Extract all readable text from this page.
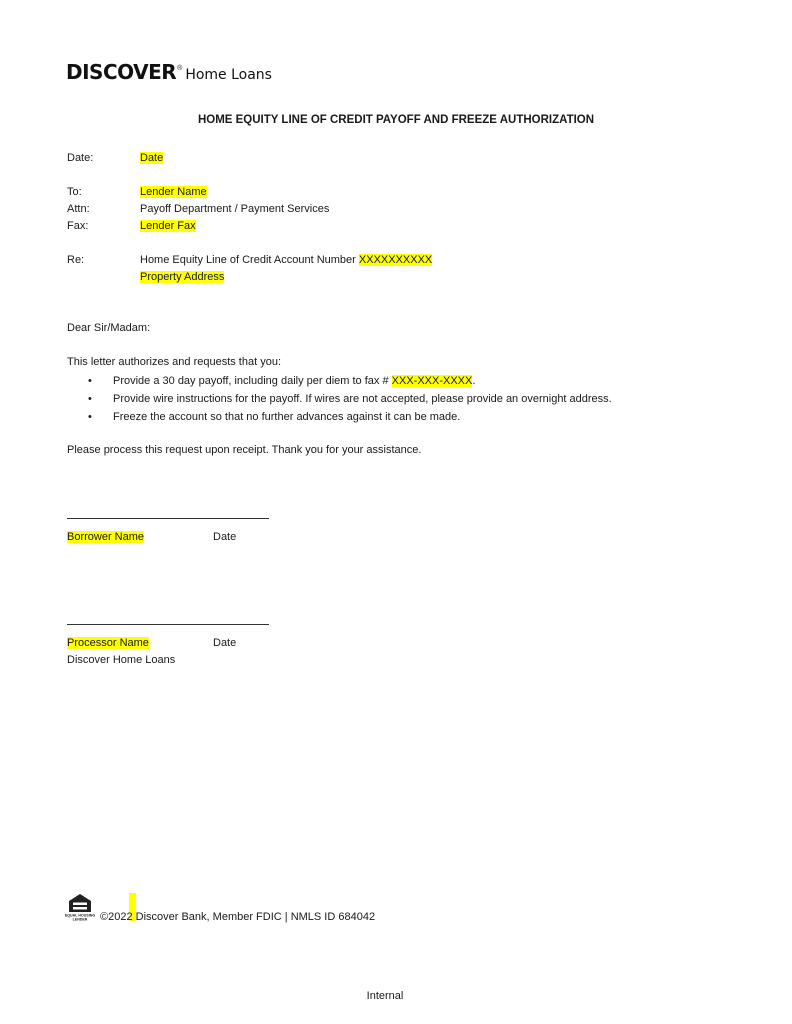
DISCOVER ® Home Loans
HOME EQUITY LINE OF CREDIT PAYOFF AND FREEZE AUTHORIZATION
Date:	Date
To:	Lender Name
Attn:	Payoff Department / Payment Services
Fax:	Lender Fax
Re:	Home Equity Line of Credit Account Number XXXXXXXXXX
Property Address
Dear Sir/Madam:
This letter authorizes and requests that you:
• Provide a 30 day payoff, including daily per diem to fax # XXX-XXX-XXXX.
• Provide wire instructions for the payoff. If wires are not accepted, please provide an overnight address.
• Freeze the account so that no further advances against it can be made.
Please process this request upon receipt. Thank you for your assistance.
Borrower Name	Date
Processor Name	Date
Discover Home Loans
EQUAL HOUSING
LENDER ©2022 Discover Bank, Member FDIC | NMLS ID 684042
Internal
